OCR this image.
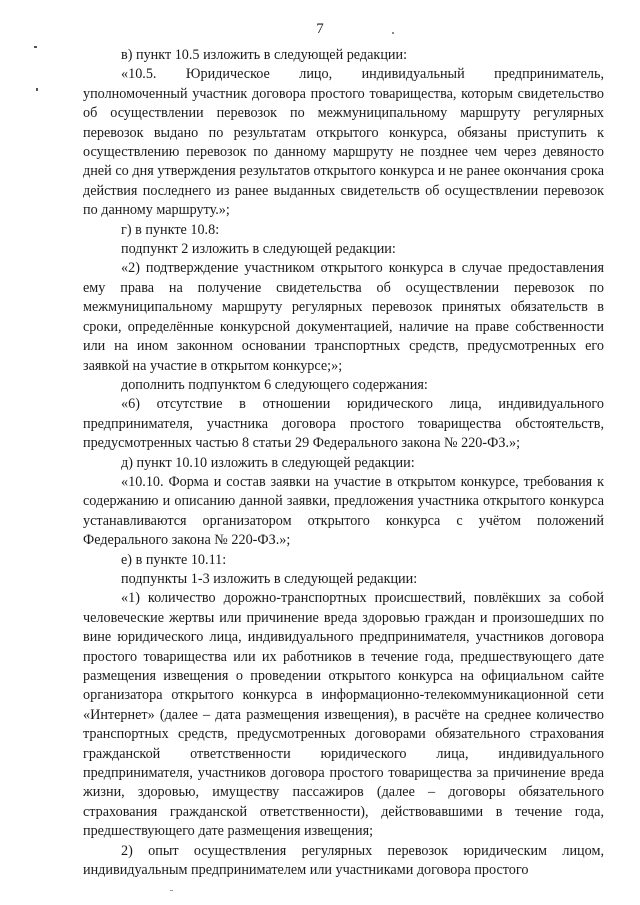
7

в) пункт 10.5 изложить в следующей редакции:

«10.5. Юридическое лицо, индивидуальный предприниматель, уполномоченный участник договора простого товарищества, которым свидетельство об осуществлении перевозок по межмуниципальному маршруту регулярных перевозок выдано по результатам открытого конкурса, обязаны приступить к осуществлению перевозок по данному маршруту не позднее чем через девяносто дней со дня утверждения результатов открытого конкурса и не ранее окончания срока действия последнего из ранее выданных свидетельств об осуществлении перевозок по данному маршруту.»;

г) в пункте 10.8:

подпункт 2 изложить в следующей редакции:

«2) подтверждение участником открытого конкурса в случае предоставления ему права на получение свидетельства об осуществлении перевозок по межмуниципальному маршруту регулярных перевозок принятых обязательств в сроки, определённые конкурсной документацией, наличие на праве собственности или на ином законном основании транспортных средств, предусмотренных его заявкой на участие в открытом конкурсе;»;

дополнить подпунктом 6 следующего содержания:

«6) отсутствие в отношении юридического лица, индивидуального предпринимателя, участника договора простого товарищества обстоятельств, предусмотренных частью 8 статьи 29 Федерального закона № 220-ФЗ.»;

д) пункт 10.10 изложить в следующей редакции:

«10.10. Форма и состав заявки на участие в открытом конкурсе, требования к содержанию и описанию данной заявки, предложения участника открытого конкурса устанавливаются организатором открытого конкурса с учётом положений Федерального закона № 220-ФЗ.»;

е) в пункте 10.11:

подпункты 1-3 изложить в следующей редакции:

«1) количество дорожно-транспортных происшествий, повлёкших за собой человеческие жертвы или причинение вреда здоровью граждан и произошедших по вине юридического лица, индивидуального предпринимателя, участников договора простого товарищества или их работников в течение года, предшествующего дате размещения извещения о проведении открытого конкурса на официальном сайте организатора открытого конкурса в информационно-телекоммуникационной сети «Интернет» (далее – дата размещения извещения), в расчёте на среднее количество транспортных средств, предусмотренных договорами обязательного страхования гражданской ответственности юридического лица, индивидуального предпринимателя, участников договора простого товарищества за причинение вреда жизни, здоровью, имуществу пассажиров (далее – договоры обязательного страхования гражданской ответственности), действовавшими в течение года, предшествующего дате размещения извещения;

2) опыт осуществления регулярных перевозок юридическим лицом, индивидуальным предпринимателем или участниками договора простого
